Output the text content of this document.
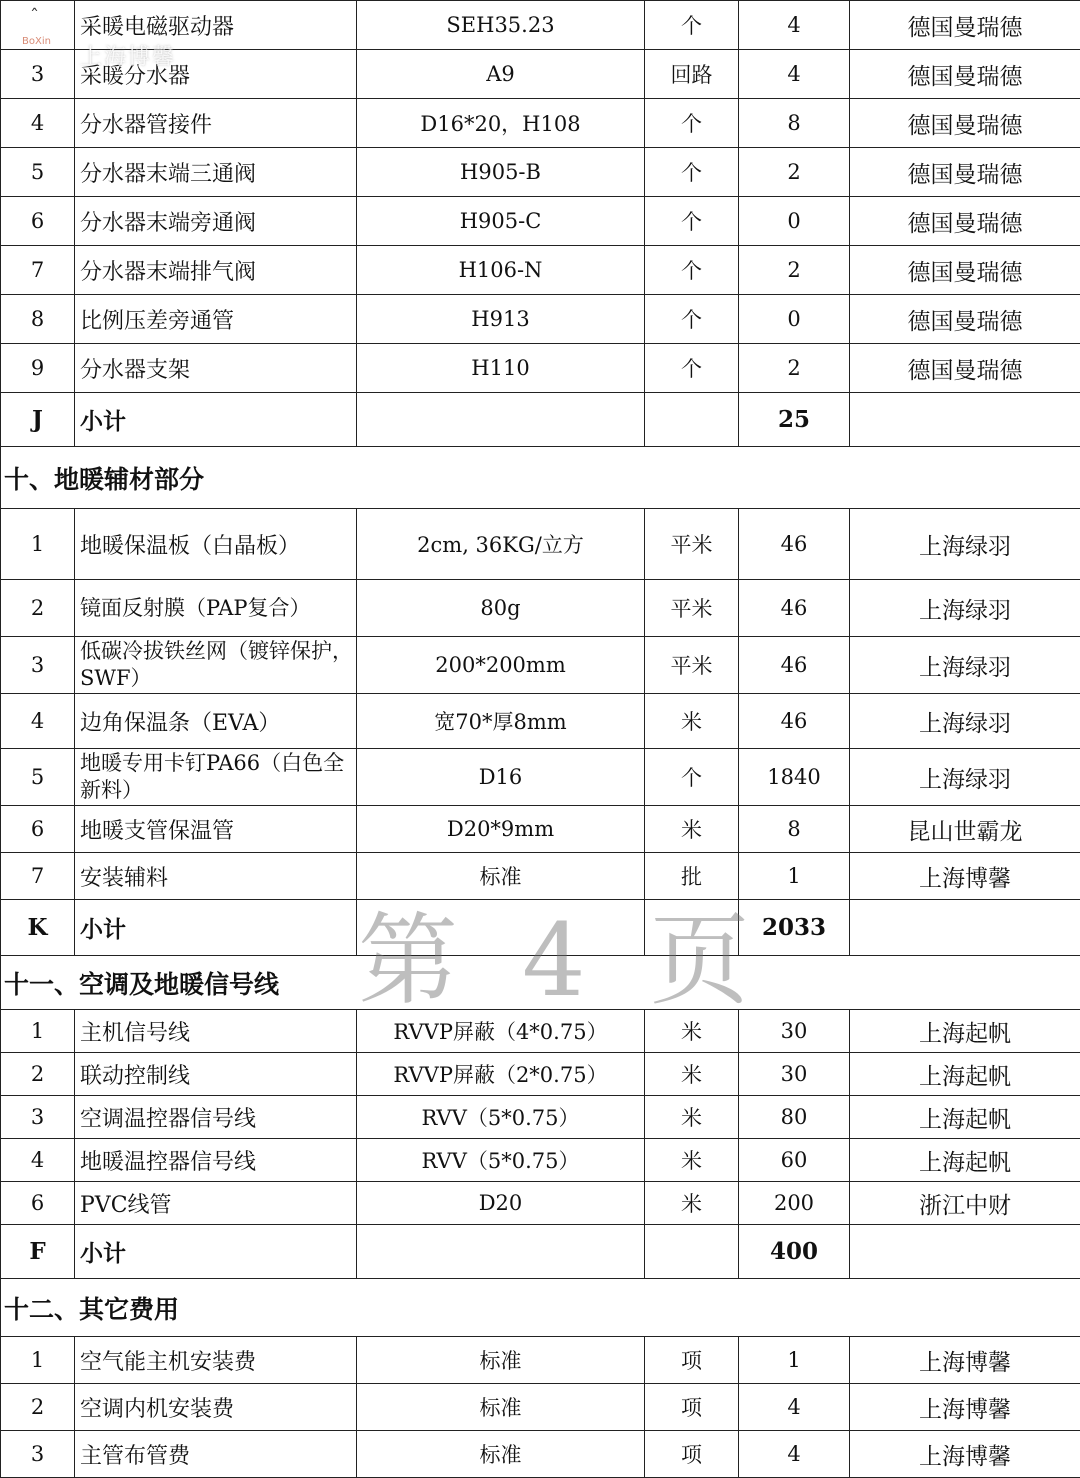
	采暖电磁驱动器	SEH35.23	个	4	德国曼瑞德
3	采暖分水器	A9	回路	4	德国曼瑞德
4	分水器管接件	D16*20，H108	个	8	德国曼瑞德
5	分水器末端三通阀	H905-B	个	2	德国曼瑞德
6	分水器末端旁通阀	H905-C	个	0	德国曼瑞德
7	分水器末端排气阀	H106-N	个	2	德国曼瑞德
8	比例压差旁通管	H913	个	0	德国曼瑞德
9	分水器支架	H110	个	2	德国曼瑞德
J	小计			25	
十、地暖辅材部分					
1	地暖保温板（白晶板）	2cm, 36KG/立方	平米	46	上海绿羽
2	镜面反射膜（PAP复合）	80g	平米	46	上海绿羽
3	低碳冷拔铁丝网（镀锌保护，SWF）	200*200mm	平米	46	上海绿羽
4	边角保温条（EVA）	宽70*厚8mm	米	46	上海绿羽
5	地暖专用卡钉PA66（白色全新料）	D16	个	1840	上海绿羽
6	地暖支管保温管	D20*9mm	米	8	昆山世霸龙
7	安装辅料	标准	批	1	上海博馨
K	小计			2033	
十一、空调及地暖信号线					
1	主机信号线	RVVP屏蔽（4*0.75）	米	30	上海起帆
2	联动控制线	RVVP屏蔽（2*0.75）	米	30	上海起帆
3	空调温控器信号线	RVV（5*0.75）	米	80	上海起帆
4	地暖温控器信号线	RVV（5*0.75）	米	60	上海起帆
6	PVC线管	D20	米	200	浙江中财
F	小计			400	
十二、其它费用					
1	空气能主机安装费	标准	项	1	上海博馨
2	空调内机安装费	标准	项	4	上海博馨
3	主管布管费	标准	项	4	上海博馨
ˆ
BoXin
上海博馨
第 4 页
